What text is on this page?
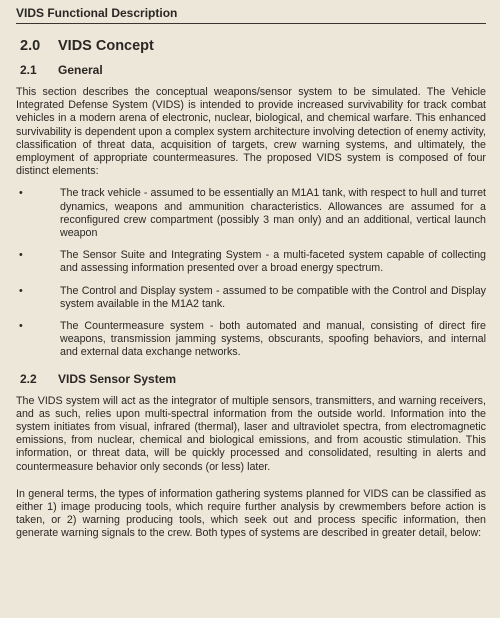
VIDS Functional Description
2.0 VIDS Concept
2.1 General

This section describes the conceptual weapons/sensor system to be simulated. The Vehicle Integrated Defense System (VIDS) is intended to provide increased survivability for track combat vehicles in a modern arena of electronic, nuclear, biological, and chemical warfare. This enhanced survivability is dependent upon a complex system architecture involving detection of enemy activity, classification of threat data, acquisition of targets, crew warning systems, and ultimately, the employment of appropriate countermeasures. The proposed VIDS system is composed of four distinct elements:

•	The track vehicle - assumed to be essentially an M1A1 tank, with respect to hull and turret dynamics, weapons and ammunition characteristics. Allowances are assumed for a reconfigured crew compartment (possibly 3 man only) and an additional, vertical launch weapon

•	The Sensor Suite and Integrating System - a multi-faceted system capable of collecting and assessing information presented over a broad energy spectrum.

•	The Control and Display system - assumed to be compatible with the Control and Display system available in the M1A2 tank.

•	The Countermeasure system - both automated and manual, consisting of direct fire weapons, transmission jamming systems, obscurants, spoofing behaviors, and internal and external data exchange networks.

2.2 VIDS Sensor System

The VIDS system will act as the integrator of multiple sensors, transmitters, and warning receivers, and as such, relies upon multi-spectral information from the outside world. Information into the system initiates from visual, infrared (thermal), laser and ultraviolet spectra, from electromagnetic emissions, from nuclear, chemical and biological emissions, and from acoustic stimulation. This information, or threat data, will be quickly processed and consolidated, resulting in alerts and countermeasure behavior only seconds (or less) later.

In general terms, the types of information gathering systems planned for VIDS can be classified as either 1) image producing tools, which require further analysis by crewmembers before action is taken, or 2) warning producing tools, which seek out and process specific information, then generate warning signals to the crew. Both types of systems are described in greater detail, below:
